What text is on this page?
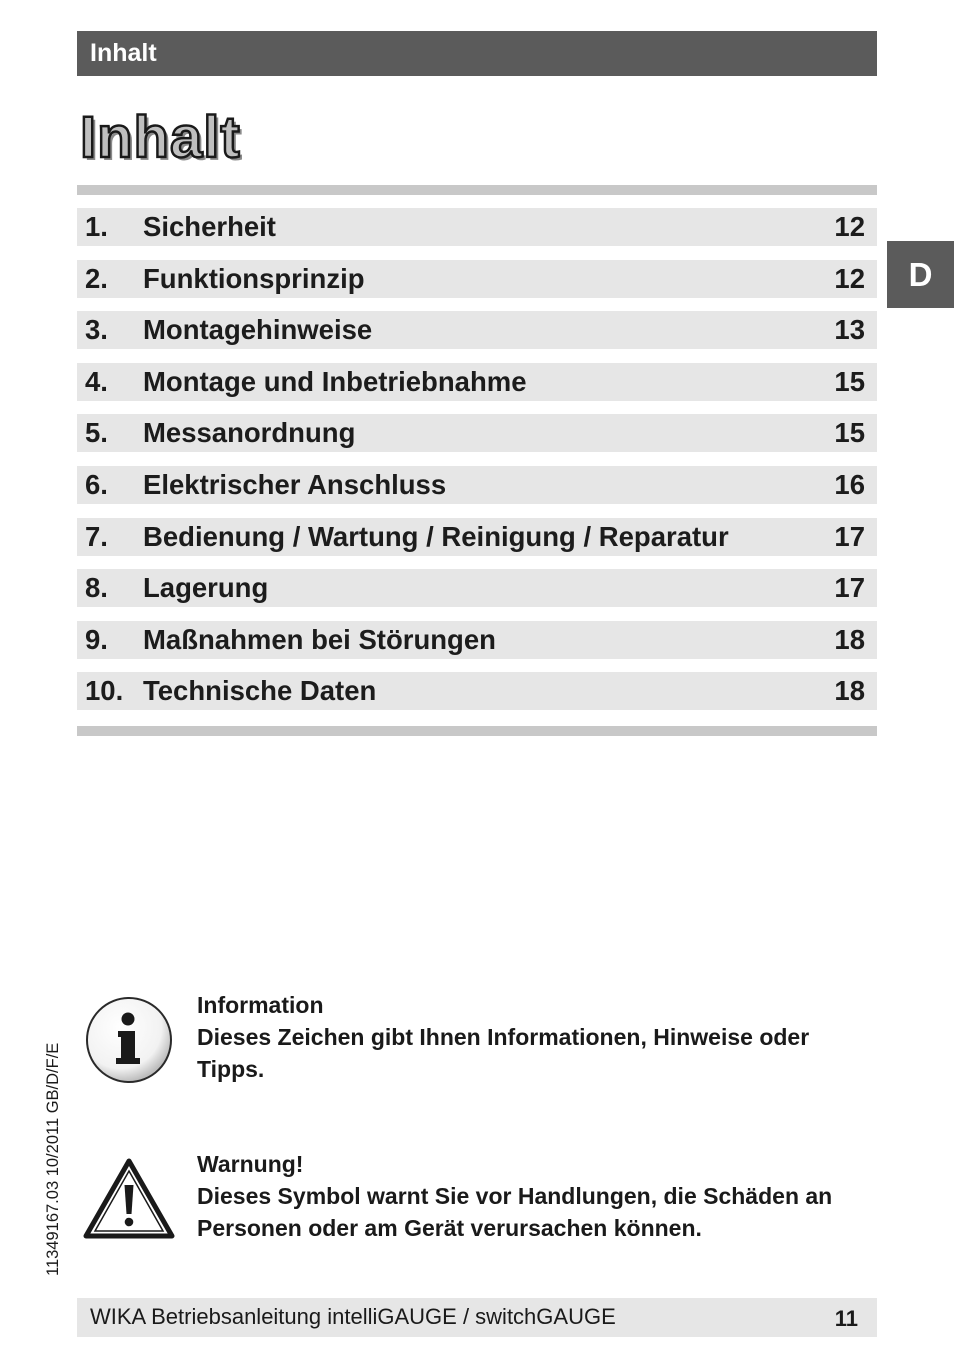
Inhalt
Inhalt
1. Sicherheit	12
2. Funktionsprinzip	12
3. Montagehinweise	13
4. Montage und Inbetriebnahme	15
5. Messanordnung	15
6. Elektrischer Anschluss	16
7. Bedienung / Wartung / Reinigung / Reparatur	17
8. Lagerung	17
9. Maßnahmen bei Störungen	18
10. Technische Daten	18
D
11349167.03 10/2011 GB/D/F/E
Information
Dieses Zeichen gibt Ihnen Informationen, Hinweise oder
Tipps.
Warnung!
Dieses Symbol warnt Sie vor Handlungen, die Schäden an
Personen oder am Gerät verursachen können.
WIKA Betriebsanleitung intelliGAUGE / switchGAUGE	11
